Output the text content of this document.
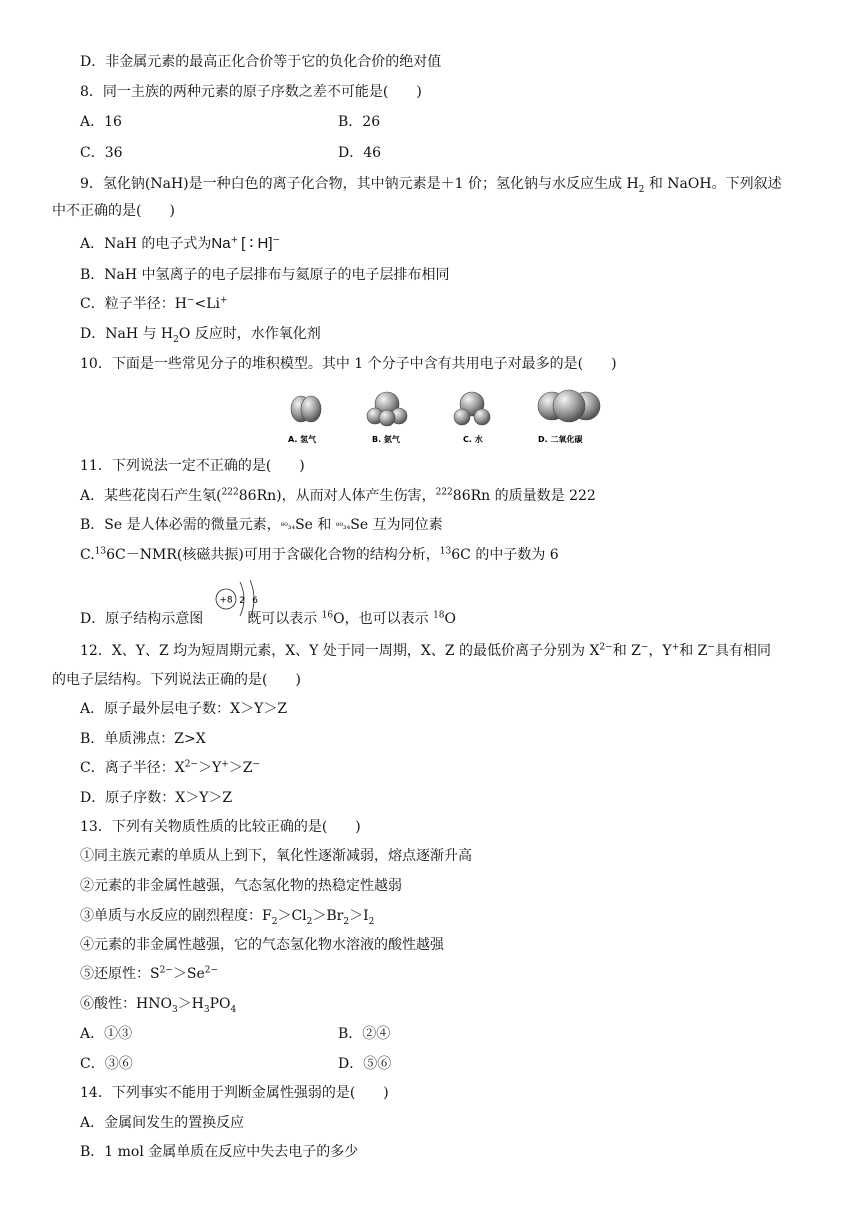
D．非金属元素的最高正化合价等于它的负化合价的绝对值
8．同一主族的两种元素的原子序数之差不可能是(　　)
A．16	B．26
C．36	D．46
9．氢化钠(NaH)是一种白色的离子化合物，其中钠元素是＋1 价；氢化钠与水反应生成 $H_2$ 和 NaOH。下列叙述
中不正确的是(　　)
A．NaH 的电子式为Na+ [ ∶ H]−
B．NaH 中氢离子的电子层排布与氦原子的电子层排布相同
C．粒子半径：H−<Li+
D．NaH 与 $H_2O$ 反应时，水作氧化剂
10．下面是一些常见分子的堆积模型。其中 1 个分子中含有共用电子对最多的是(　　)
A. 氢气	B. 氨气	C. 水	D. 二氧化碳
11．下列说法一定不正确的是(　　)
A．某些花岗石产生氡($^{222}$86Rn)，从而对人体产生伤害，$^{222}$86Rn 的质量数是 222
B．Se 是人体必需的微量元素，⁸⁰₃₄Se 和 ⁸⁰₃₄Se 互为同位素
C.$^{13}$6C－NMR(核磁共振)可用于含碳化合物的结构分析，$^{13}$6C 的中子数为 6
D．原子结构示意图	既可以表示 $^{16}$O，也可以表示 $^{18}$O
+8 2 6
12．X、Y、Z 均为短周期元素，X、Y 处于同一周期，X、Z 的最低价离子分别为 $X^{2-}$和 Z−，Y+和 Z−具有相同
的电子层结构。下列说法正确的是(　　)
A．原子最外层电子数：X＞Y＞Z
B．单质沸点：Z>X
C．离子半径：$X^{2-}>Y^+>Z^-$
D．原子序数：X＞Y＞Z
13．下列有关物质性质的比较正确的是(　　)
①同主族元素的单质从上到下，氧化性逐渐减弱，熔点逐渐升高
②元素的非金属性越强，气态氢化物的热稳定性越弱
③单质与水反应的剧烈程度：$F_2>Cl_2>Br_2>I_2$
④元素的非金属性越强，它的气态氢化物水溶液的酸性越强
⑤还原性：$S^{2-}>Se^{2-}$
⑥酸性：$HNO_3>H_3PO_4$
A．①③	B．②④
C．③⑥	D．⑤⑥
14．下列事实不能用于判断金属性强弱的是(　　)
A．金属间发生的置换反应
B．1 mol 金属单质在反应中失去电子的多少
